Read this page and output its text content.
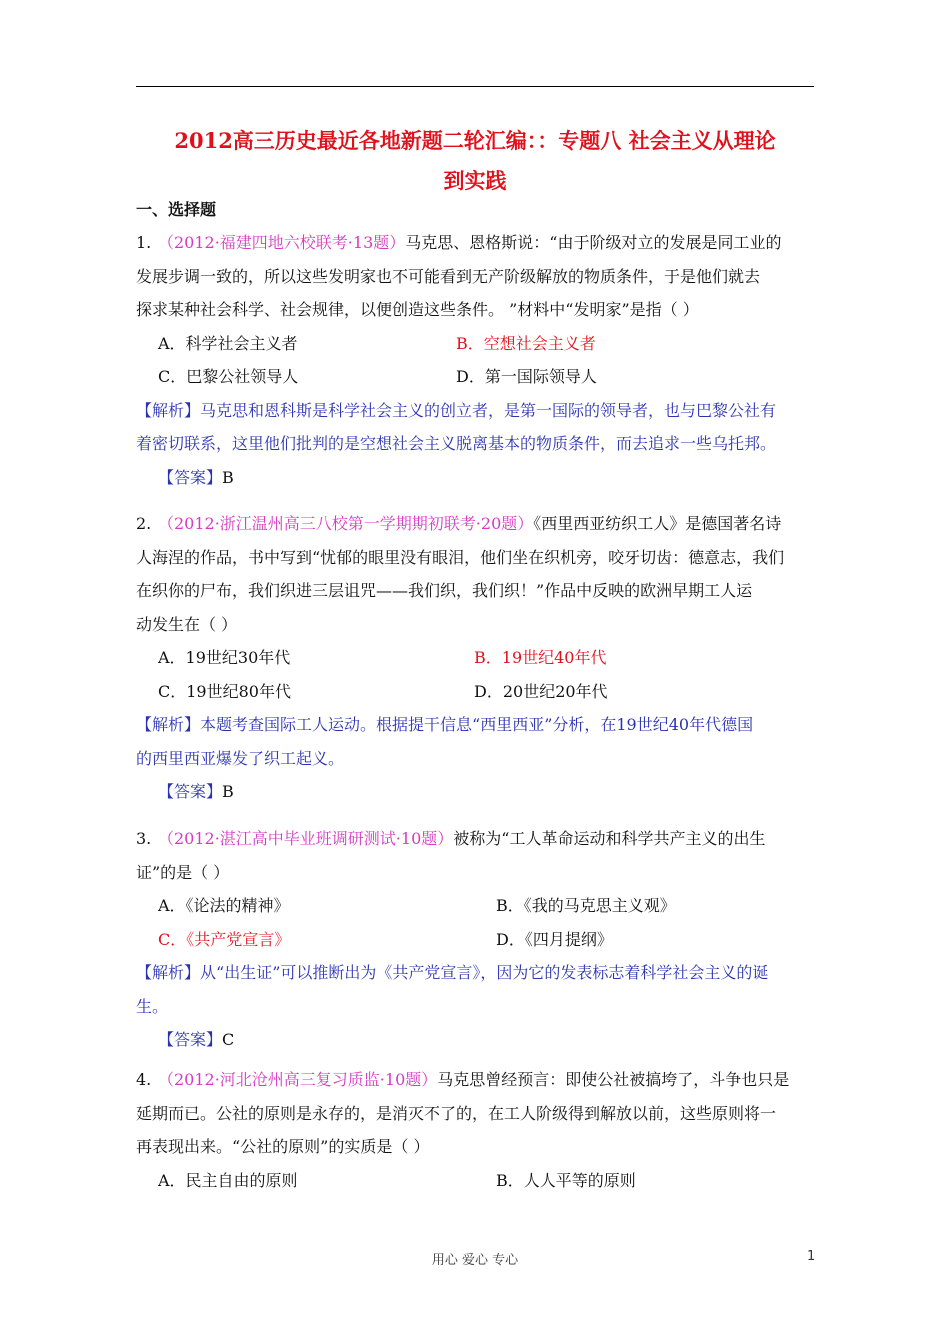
2012高三历史最近各地新题二轮汇编：：专题八 社会主义从理论
到实践
一、选择题

1. （2012·福建四地六校联考·13题）马克思、恩格斯说：“由于阶级对立的发展是同工业的

发展步调一致的，所以这些发明家也不可能看到无产阶级解放的物质条件，于是他们就去

探求某种社会科学、社会规律，以便创造这些条件。 ”材料中“发明家”是指（ ）

A．科学社会主义者	B．空想社会主义者
C．巴黎公社领导人	D．第一国际领导人

【解析】马克思和恩科斯是科学社会主义的创立者，是第一国际的领导者，也与巴黎公社有

着密切联系，这里他们批判的是空想社会主义脱离基本的物质条件，而去追求一些乌托邦。

【答案】B

2. （2012·浙江温州高三八校第一学期期初联考·20题）《西里西亚纺织工人》是德国著名诗

人海涅的作品，书中写到“忧郁的眼里没有眼泪，他们坐在织机旁，咬牙切齿：德意志，我们

在织你的尸布，我们织进三层诅咒——我们织，我们织！”作品中反映的欧洲早期工人运

动发生在（ ）

A．19世纪30年代	B．19世纪40年代
C．19世纪80年代	D．20世纪20年代

【解析】本题考查国际工人运动。根据提干信息“西里西亚”分析，在19世纪40年代德国

的西里西亚爆发了织工起义。

【答案】B

3. （2012·湛江高中毕业班调研测试·10题）被称为“工人革命运动和科学共产主义的出生

证”的是（ ）

A．《论法的精神》	B．《我的马克思主义观》
C．《共产党宣言》	D．《四月提纲》

【解析】从“出生证”可以推断出为《共产党宣言》，因为它的发表标志着科学社会主义的诞

生。

【答案】C

4. （2012·河北沧州高三复习质监·10题）马克思曾经预言：即使公社被搞垮了，斗争也只是

延期而已。公社的原则是永存的，是消灭不了的，在工人阶级得到解放以前，这些原则将一

再表现出来。“公社的原则”的实质是（ ）

A．民主自由的原则	B．人人平等的原则
用心 爱心 专心	1
